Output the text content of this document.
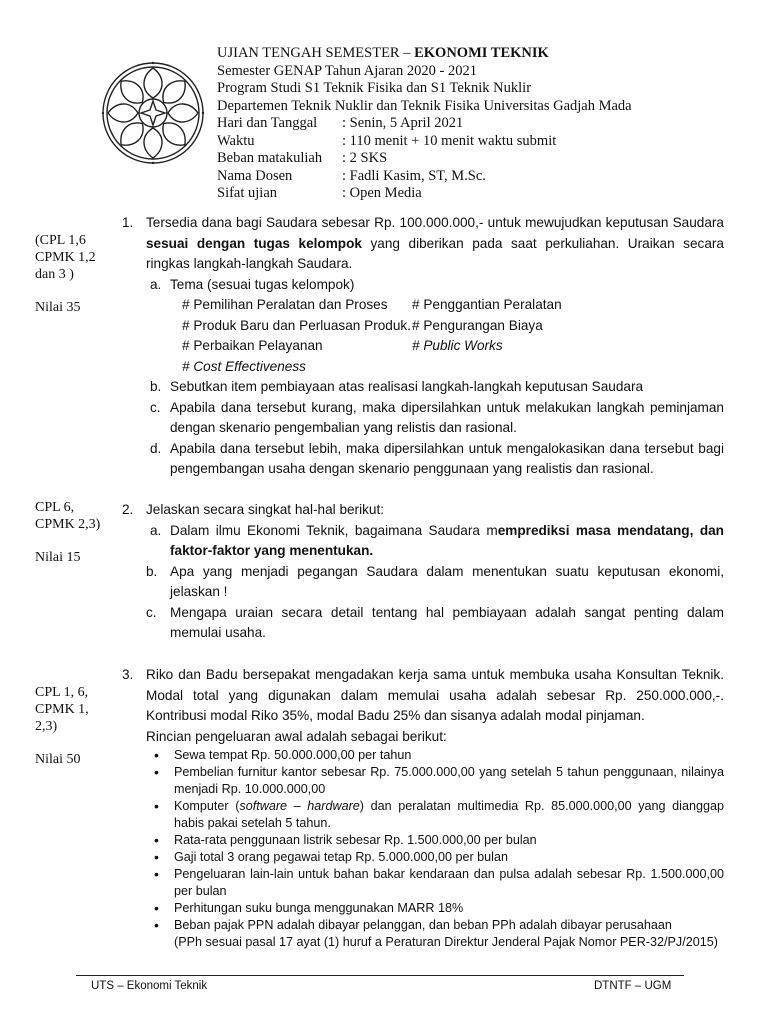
UJIAN TENGAH SEMESTER – EKONOMI TEKNIK
Semester GENAP Tahun Ajaran 2020 - 2021
Program Studi S1 Teknik Fisika dan S1 Teknik Nuklir
Departemen Teknik Nuklir dan Teknik Fisika Universitas Gadjah Mada
Hari dan Tanggal	: Senin, 5 April 2021
Waktu	: 110 menit + 10 menit waktu submit
Beban matakuliah	: 2 SKS
Nama Dosen	: Fadli Kasim, ST, M.Sc.
Sifat ujian	: Open Media
(CPL 1,6
CPMK 1,2
dan 3 )
Nilai 35
CPL 6,
CPMK 2,3)
Nilai 15
CPL 1, 6,
CPMK 1,
2,3)
Nilai 50
1. Tersedia dana bagi Saudara sebesar Rp. 100.000.000,- untuk mewujudkan keputusan Saudara sesuai dengan tugas kelompok yang diberikan pada saat perkuliahan. Uraikan secara ringkas langkah-langkah Saudara.
a. Tema (sesuai tugas kelompok)
# Pemilihan Peralatan dan Proses	# Penggantian Peralatan
# Produk Baru dan Perluasan Produk. # Pengurangan Biaya
# Perbaikan Pelayanan	# Public Works
# Cost Effectiveness
b. Sebutkan item pembiayaan atas realisasi langkah-langkah keputusan Saudara
c. Apabila dana tersebut kurang, maka dipersilahkan untuk melakukan langkah peminjaman dengan skenario pengembalian yang relistis dan rasional.
d. Apabila dana tersebut lebih, maka dipersilahkan untuk mengalokasikan dana tersebut bagi pengembangan usaha dengan skenario penggunaan yang realistis dan rasional.
2. Jelaskan secara singkat hal-hal berikut:
a. Dalam ilmu Ekonomi Teknik, bagaimana Saudara memprediksi masa mendatang, dan faktor-faktor yang menentukan.
b. Apa yang menjadi pegangan Saudara dalam menentukan suatu keputusan ekonomi, jelaskan !
c. Mengapa uraian secara detail tentang hal pembiayaan adalah sangat penting dalam memulai usaha.
3. Riko dan Badu bersepakat mengadakan kerja sama untuk membuka usaha Konsultan Teknik. Modal total yang digunakan dalam memulai usaha adalah sebesar Rp. 250.000.000,-. Kontribusi modal Riko 35%, modal Badu 25% dan sisanya adalah modal pinjaman.
Rincian pengeluaran awal adalah sebagai berikut:
• Sewa tempat Rp. 50.000.000,00 per tahun
• Pembelian furnitur kantor sebesar Rp. 75.000.000,00 yang setelah 5 tahun penggunaan, nilainya menjadi Rp. 10.000.000,00
• Komputer (software – hardware) dan peralatan multimedia Rp. 85.000.000,00 yang dianggap habis pakai setelah 5 tahun.
• Rata-rata penggunaan listrik sebesar Rp. 1.500.000,00 per bulan
• Gaji total 3 orang pegawai tetap Rp. 5.000.000,00 per bulan
• Pengeluaran lain-lain untuk bahan bakar kendaraan dan pulsa adalah sebesar Rp. 1.500.000,00 per bulan
• Perhitungan suku bunga menggunakan MARR 18%
• Beban pajak PPN adalah dibayar pelanggan, dan beban PPh adalah dibayar perusahaan
(PPh sesuai pasal 17 ayat (1) huruf a Peraturan Direktur Jenderal Pajak Nomor PER-32/PJ/2015)
UTS – Ekonomi Teknik	DTNTF – UGM
